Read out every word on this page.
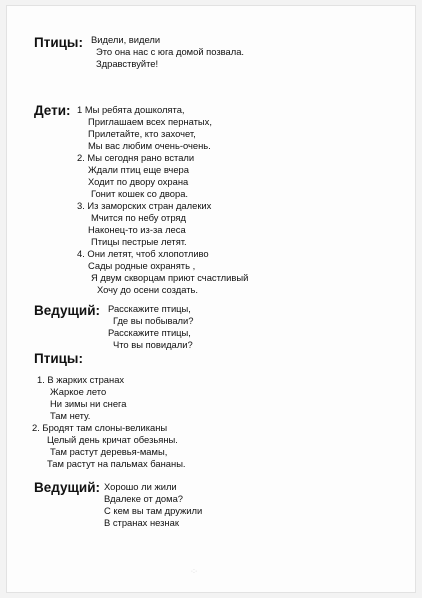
Птицы: Видели, видели
Это она нас с юга домой позвала.
Здравствуйте!
Дети: 1 Мы ребята дошколята,
Приглашаем всех пернатых,
Прилетайте, кто захочет,
Мы вас любим очень-очень.
2. Мы сегодня рано встали
Ждали птиц еще вчера
Ходит по двору охрана
Гонит кошек со двора.
3. Из заморских стран далеких
Мчится по небу отряд
Наконец-то из-за леса
Птицы пестрые летят.
4. Они летят, чтоб хлопотливо
Сады родные охранять ,
Я двум скворцам приют счастливый
Хочу до осени создать.
Ведущий: Расскажите птицы,
Где вы побывали?
Расскажите птицы,
Что вы повидали?
Птицы:
1. В жарких странах
Жаркое лето
Ни зимы ни снега
Там нету.
2. Бродят там слоны-великаны
Целый день кричат обезьяны.
Там растут деревья-мамы,
Там растут на пальмах бананы.
Ведущий: Хорошо ли жили
Вдалеке от дома?
С кем вы там дружили
В странах незнак
·:·
